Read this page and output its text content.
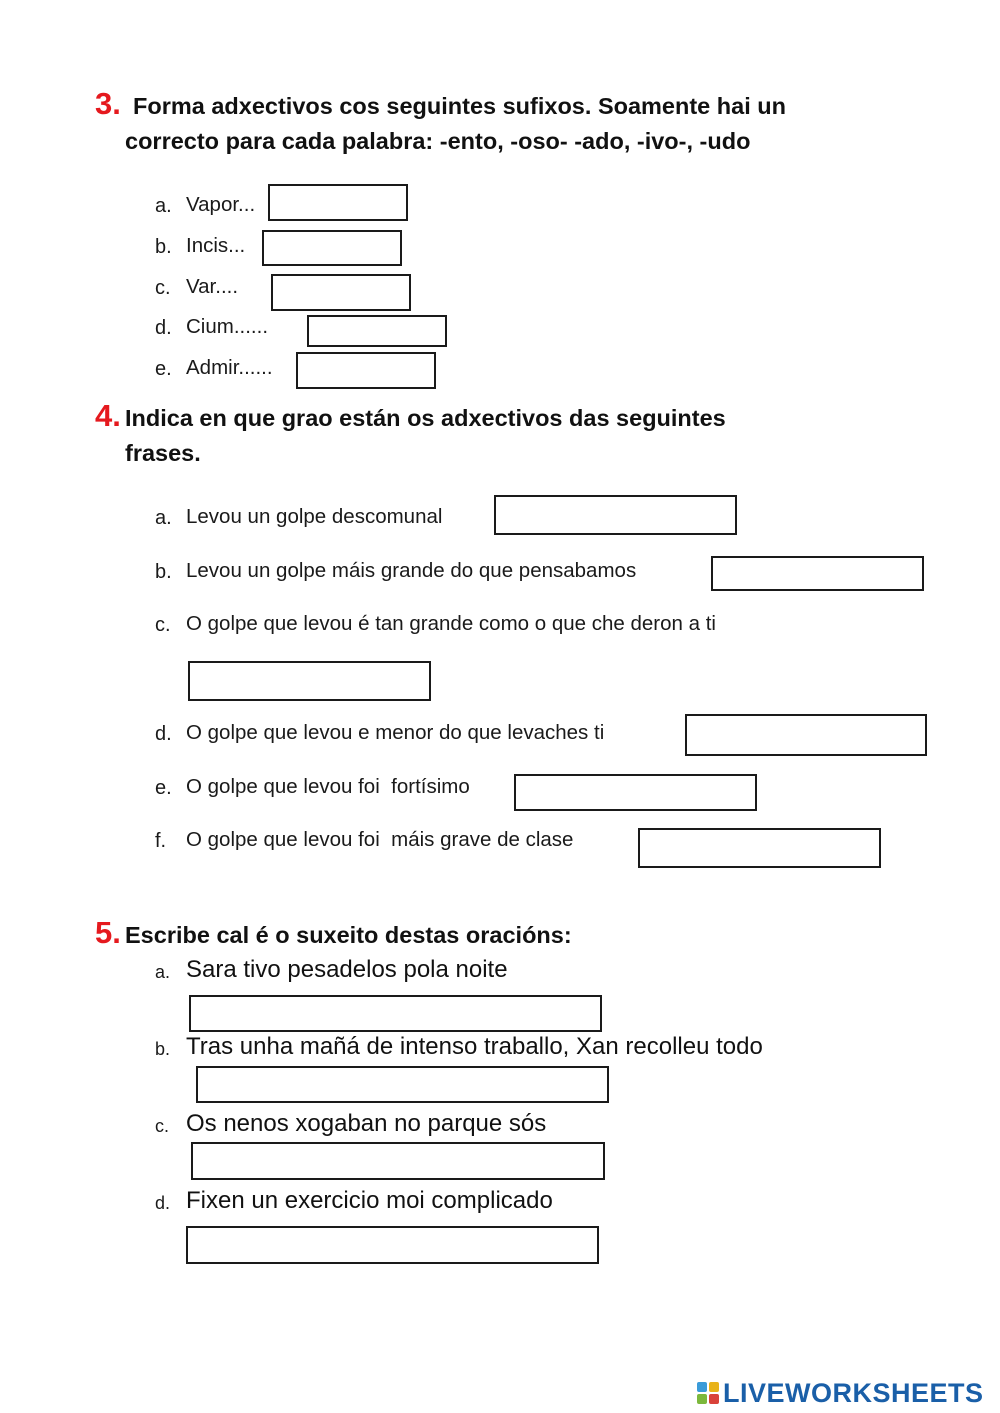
3. Forma adxectivos cos seguintes sufixos. Soamente hai un
correcto para cada palabra: -ento, -oso- -ado, -ivo-, -udo
a. Vapor...
b. Incis...
c. Var....
d. Cium......
e. Admir......
4. Indica en que grao están os adxectivos das seguintes
frases.
a. Levou un golpe descomunal
b. Levou un golpe máis grande do que pensabamos
c. O golpe que levou é tan grande como o que che deron a ti
d. O golpe que levou e menor do que levaches ti
e. O golpe que levou foi  fortísimo
f. O golpe que levou foi  máis grave de clase
5. Escribe cal é o suxeito destas oracións:
a. Sara tivo pesadelos pola noite
b. Tras unha mañá de intenso traballo, Xan recolleu todo
c. Os nenos xogaban no parque sós
d. Fixen un exercicio moi complicado
LIVEWORKSHEETS
